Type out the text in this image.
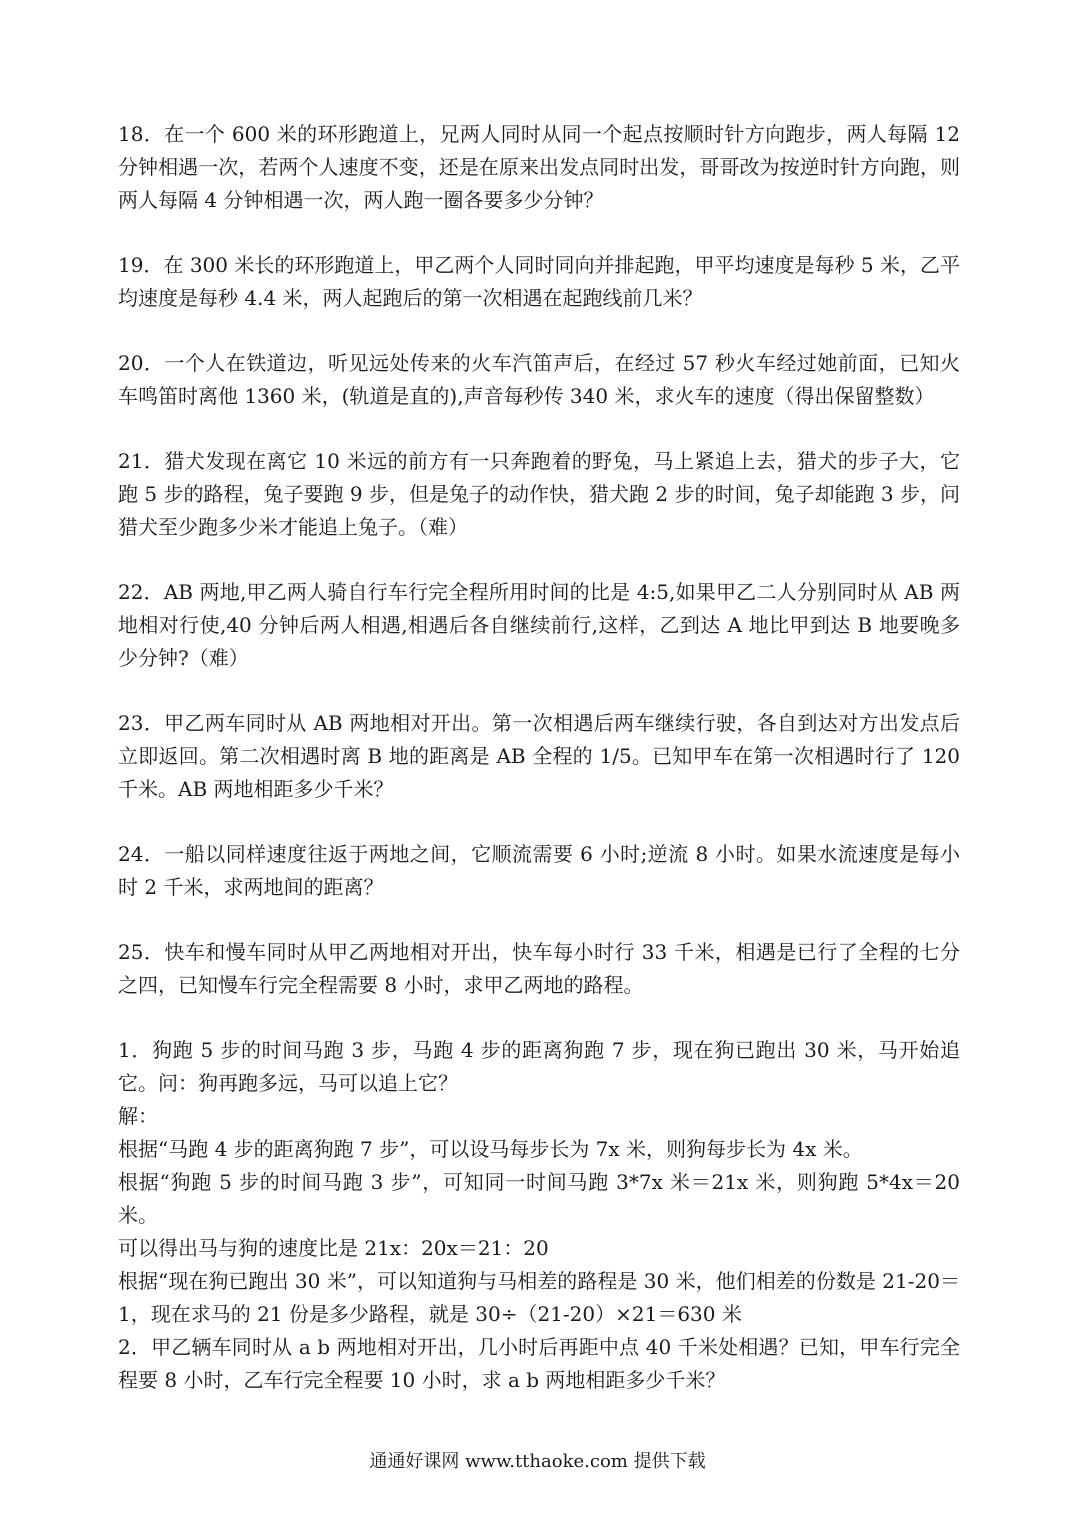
18．在一个 600 米的环形跑道上，兄两人同时从同一个起点按顺时针方向跑步，两人每隔 12 分钟相遇一次，若两个人速度不变，还是在原来出发点同时出发，哥哥改为按逆时针方向跑，则两人每隔 4 分钟相遇一次，两人跑一圈各要多少分钟？

19．在 300 米长的环形跑道上，甲乙两个人同时同向并排起跑，甲平均速度是每秒 5 米，乙平均速度是每秒 4.4 米，两人起跑后的第一次相遇在起跑线前几米？

20．一个人在铁道边，听见远处传来的火车汽笛声后，在经过 57 秒火车经过她前面，已知火车鸣笛时离他 1360 米，(轨道是直的),声音每秒传 340 米，求火车的速度（得出保留整数）

21．猎犬发现在离它 10 米远的前方有一只奔跑着的野兔，马上紧追上去，猎犬的步子大，它跑 5 步的路程，兔子要跑 9 步，但是兔子的动作快，猎犬跑 2 步的时间，兔子却能跑 3 步，问猎犬至少跑多少米才能追上兔子。（难）

22．AB 两地,甲乙两人骑自行车行完全程所用时间的比是 4:5,如果甲乙二人分别同时从 AB 两地相对行使,40 分钟后两人相遇,相遇后各自继续前行,这样，乙到达 A 地比甲到达 B 地要晚多少分钟?（难）

23．甲乙两车同时从 AB 两地相对开出。第一次相遇后两车继续行驶，各自到达对方出发点后立即返回。第二次相遇时离 B 地的距离是 AB 全程的 1/5。已知甲车在第一次相遇时行了 120 千米。AB 两地相距多少千米？

24．一船以同样速度往返于两地之间，它顺流需要 6 小时;逆流 8 小时。如果水流速度是每小时 2 千米，求两地间的距离？

25．快车和慢车同时从甲乙两地相对开出，快车每小时行 33 千米，相遇是已行了全程的七分之四，已知慢车行完全程需要 8 小时，求甲乙两地的路程。

1．狗跑 5 步的时间马跑 3 步，马跑 4 步的距离狗跑 7 步，现在狗已跑出 30 米，马开始追它。问：狗再跑多远，马可以追上它？

解：

根据“马跑 4 步的距离狗跑 7 步”，可以设马每步长为 7x 米，则狗每步长为 4x 米。

根据“狗跑 5 步的时间马跑 3 步”，可知同一时间马跑 3*7x 米＝21x 米，则狗跑 5*4x＝20 米。

可以得出马与狗的速度比是 21x：20x＝21：20

根据“现在狗已跑出 30 米”，可以知道狗与马相差的路程是 30 米，他们相差的份数是 21-20＝1，现在求马的 21 份是多少路程，就是 30÷（21-20）×21＝630 米

2．甲乙辆车同时从 a b 两地相对开出，几小时后再距中点 40 千米处相遇？已知，甲车行完全程要 8 小时，乙车行完全程要 10 小时，求 a b 两地相距多少千米？

通通好课网 www.tthaoke.com 提供下载
